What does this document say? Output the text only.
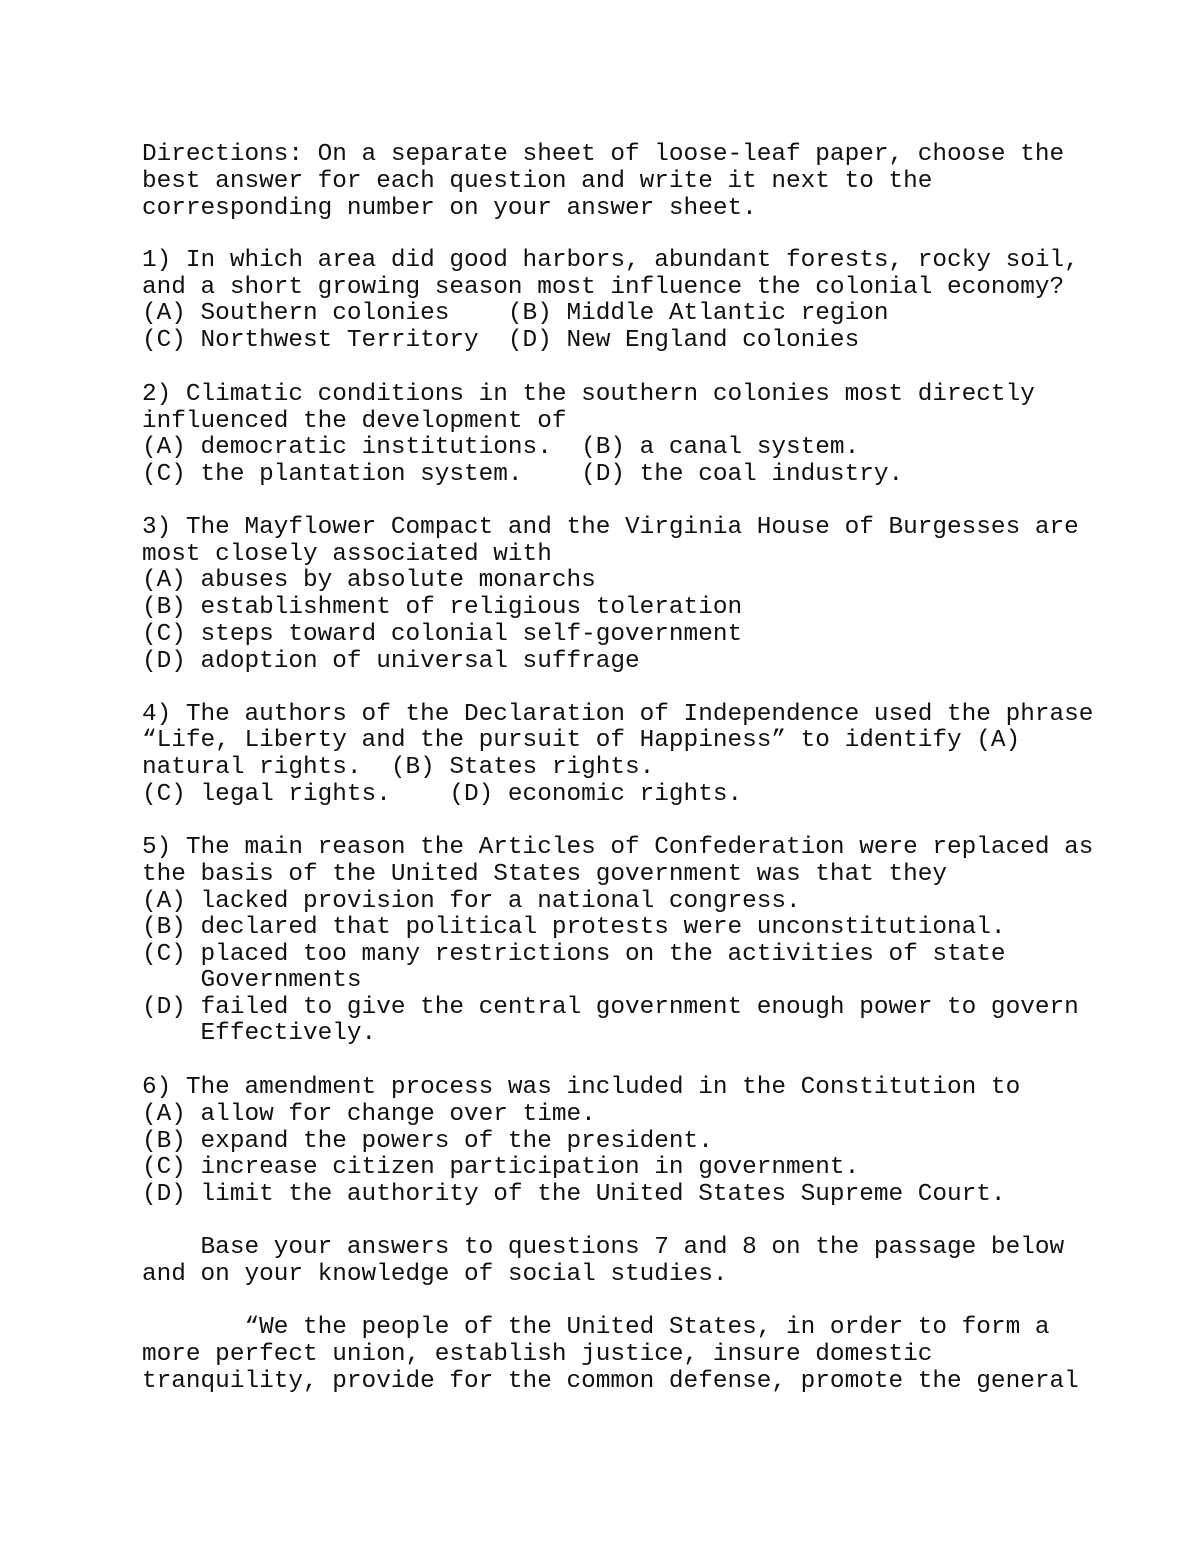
Directions: On a separate sheet of loose-leaf paper, choose the

best answer for each question and write it next to the

corresponding number on your answer sheet.

1) In which area did good harbors, abundant forests, rocky soil,

and a short growing season most influence the colonial economy?

(A) Southern colonies    (B) Middle Atlantic region

(C) Northwest Territory  (D) New England colonies

2) Climatic conditions in the southern colonies most directly

influenced the development of

(A) democratic institutions.  (B) a canal system.

(C) the plantation system.    (D) the coal industry.

3) The Mayflower Compact and the Virginia House of Burgesses are

most closely associated with

(A) abuses by absolute monarchs

(B) establishment of religious toleration

(C) steps toward colonial self-government

(D) adoption of universal suffrage

4) The authors of the Declaration of Independence used the phrase

“Life, Liberty and the pursuit of Happiness” to identify (A)

natural rights.  (B) States rights.

(C) legal rights.    (D) economic rights.

5) The main reason the Articles of Confederation were replaced as

the basis of the United States government was that they

(A) lacked provision for a national congress.

(B) declared that political protests were unconstitutional.

(C) placed too many restrictions on the activities of state

Governments

(D) failed to give the central government enough power to govern

Effectively.

6) The amendment process was included in the Constitution to

(A) allow for change over time.

(B) expand the powers of the president.

(C) increase citizen participation in government.

(D) limit the authority of the United States Supreme Court.

Base your answers to questions 7 and 8 on the passage below

and on your knowledge of social studies.

“We the people of the United States, in order to form a

more perfect union, establish justice, insure domestic

tranquility, provide for the common defense, promote the general
